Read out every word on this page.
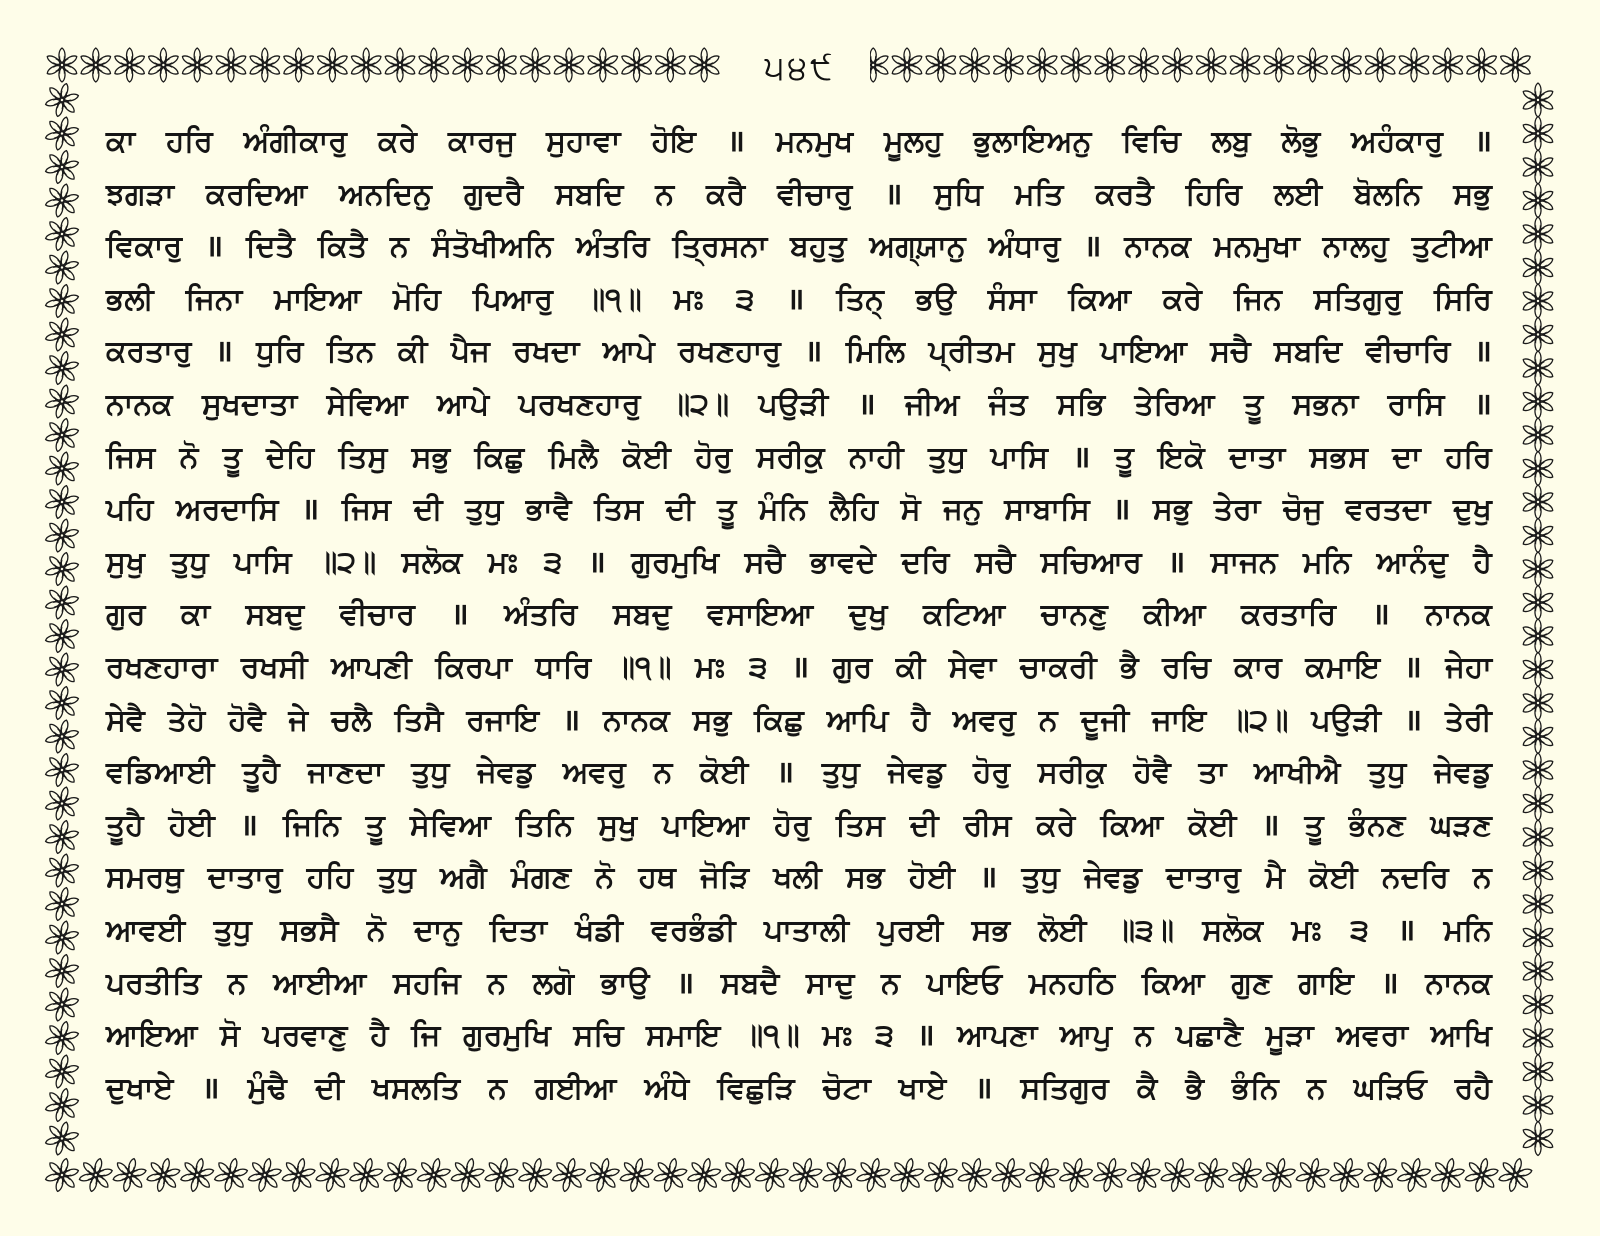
੫੪੯
ਕਾ ਹਰਿ ਅੰਗੀਕਾਰੁ ਕਰੇ ਕਾਰਜੁ ਸੁਹਾਵਾ ਹੋਇ ॥ ਮਨਮੁਖ ਮੂਲਹੁ ਭੁਲਾਇਅਨੁ ਵਿਚਿ ਲਬੁ ਲੋਭੁ ਅਹੰਕਾਰੁ ॥
ਝਗੜਾ ਕਰਦਿਆ ਅਨਦਿਨੁ ਗੁਦਰੈ ਸਬਦਿ ਨ ਕਰੈ ਵੀਚਾਰੁ ॥ ਸੁਧਿ ਮਤਿ ਕਰਤੈ ਹਿਰਿ ਲਈ ਬੋਲਨਿ ਸਭੁ
ਵਿਕਾਰੁ ॥ ਦਿਤੈ ਕਿਤੈ ਨ ਸੰਤੋਖੀਅਨਿ ਅੰਤਰਿ ਤ੍ਰਿਸਨਾ ਬਹੁਤੁ ਅਗ੍ਯ਼ਾਨੁ ਅੰਧਾਰੁ ॥ ਨਾਨਕ ਮਨਮੁਖਾ ਨਾਲਹੁ ਤੁਟੀਆ
ਭਲੀ ਜਿਨਾ ਮਾਇਆ ਮੋਹਿ ਪਿਆਰੁ ॥੧॥ ਮਃ ੩ ॥ ਤਿਨ੍ ਭਉ ਸੰਸਾ ਕਿਆ ਕਰੇ ਜਿਨ ਸਤਿਗੁਰੁ ਸਿਰਿ
ਕਰਤਾਰੁ ॥ ਧੁਰਿ ਤਿਨ ਕੀ ਪੈਜ ਰਖਦਾ ਆਪੇ ਰਖਣਹਾਰੁ ॥ ਮਿਲਿ ਪ੍ਰੀਤਮ ਸੁਖੁ ਪਾਇਆ ਸਚੈ ਸਬਦਿ ਵੀਚਾਰਿ ॥
ਨਾਨਕ ਸੁਖਦਾਤਾ ਸੇਵਿਆ ਆਪੇ ਪਰਖਣਹਾਰੁ ॥੨॥ ਪਉੜੀ ॥ ਜੀਅ ਜੰਤ ਸਭਿ ਤੇਰਿਆ ਤੂ ਸਭਨਾ ਰਾਸਿ ॥
ਜਿਸ ਨੋ ਤੂ ਦੇਹਿ ਤਿਸੁ ਸਭੁ ਕਿਛੁ ਮਿਲੈ ਕੋਈ ਹੋਰੁ ਸਰੀਕੁ ਨਾਹੀ ਤੁਧੁ ਪਾਸਿ ॥ ਤੂ ਇਕੋ ਦਾਤਾ ਸਭਸ ਦਾ ਹਰਿ
ਪਹਿ ਅਰਦਾਸਿ ॥ ਜਿਸ ਦੀ ਤੁਧੁ ਭਾਵੈ ਤਿਸ ਦੀ ਤੂ ਮੰਨਿ ਲੈਹਿ ਸੋ ਜਨੁ ਸਾਬਾਸਿ ॥ ਸਭੁ ਤੇਰਾ ਚੋਜੁ ਵਰਤਦਾ ਦੁਖੁ
ਸੁਖੁ ਤੁਧੁ ਪਾਸਿ ॥੨॥ ਸਲੋਕ ਮਃ ੩ ॥ ਗੁਰਮੁਖਿ ਸਚੈ ਭਾਵਦੇ ਦਰਿ ਸਚੈ ਸਚਿਆਰ ॥ ਸਾਜਨ ਮਨਿ ਆਨੰਦੁ ਹੈ
ਗੁਰ ਕਾ ਸਬਦੁ ਵੀਚਾਰ ॥ ਅੰਤਰਿ ਸਬਦੁ ਵਸਾਇਆ ਦੁਖੁ ਕਟਿਆ ਚਾਨਣੁ ਕੀਆ ਕਰਤਾਰਿ ॥ ਨਾਨਕ
ਰਖਣਹਾਰਾ ਰਖਸੀ ਆਪਣੀ ਕਿਰਪਾ ਧਾਰਿ ॥੧॥ ਮਃ ੩ ॥ ਗੁਰ ਕੀ ਸੇਵਾ ਚਾਕਰੀ ਭੈ ਰਚਿ ਕਾਰ ਕਮਾਇ ॥ ਜੇਹਾ
ਸੇਵੈ ਤੇਹੋ ਹੋਵੈ ਜੇ ਚਲੈ ਤਿਸੈ ਰਜਾਇ ॥ ਨਾਨਕ ਸਭੁ ਕਿਛੁ ਆਪਿ ਹੈ ਅਵਰੁ ਨ ਦੂਜੀ ਜਾਇ ॥੨॥ ਪਉੜੀ ॥ ਤੇਰੀ
ਵਡਿਆਈ ਤੂਹੈ ਜਾਣਦਾ ਤੁਧੁ ਜੇਵਡੁ ਅਵਰੁ ਨ ਕੋਈ ॥ ਤੁਧੁ ਜੇਵਡੁ ਹੋਰੁ ਸਰੀਕੁ ਹੋਵੈ ਤਾ ਆਖੀਐ ਤੁਧੁ ਜੇਵਡੁ
ਤੂਹੈ ਹੋਈ ॥ ਜਿਨਿ ਤੂ ਸੇਵਿਆ ਤਿਨਿ ਸੁਖੁ ਪਾਇਆ ਹੋਰੁ ਤਿਸ ਦੀ ਰੀਸ ਕਰੇ ਕਿਆ ਕੋਈ ॥ ਤੂ ਭੰਨਣ ਘੜਣ
ਸਮਰਥੁ ਦਾਤਾਰੁ ਹਹਿ ਤੁਧੁ ਅਗੈ ਮੰਗਣ ਨੋ ਹਥ ਜੋੜਿ ਖਲੀ ਸਭ ਹੋਈ ॥ ਤੁਧੁ ਜੇਵਡੁ ਦਾਤਾਰੁ ਮੈ ਕੋਈ ਨਦਰਿ ਨ
ਆਵਈ ਤੁਧੁ ਸਭਸੈ ਨੋ ਦਾਨੁ ਦਿਤਾ ਖੰਡੀ ਵਰਭੰਡੀ ਪਾਤਾਲੀ ਪੁਰਈ ਸਭ ਲੋਈ ॥੩॥ ਸਲੋਕ ਮਃ ੩ ॥ ਮਨਿ
ਪਰਤੀਤਿ ਨ ਆਈਆ ਸਹਜਿ ਨ ਲਗੋ ਭਾਉ ॥ ਸਬਦੈ ਸਾਦੁ ਨ ਪਾਇਓ ਮਨਹਠਿ ਕਿਆ ਗੁਣ ਗਾਇ ॥ ਨਾਨਕ
ਆਇਆ ਸੋ ਪਰਵਾਣੁ ਹੈ ਜਿ ਗੁਰਮੁਖਿ ਸਚਿ ਸਮਾਇ ॥੧॥ ਮਃ ੩ ॥ ਆਪਣਾ ਆਪੁ ਨ ਪਛਾਣੈ ਮੂੜਾ ਅਵਰਾ ਆਖਿ
ਦੁਖਾਏ ॥ ਮੁੰਢੈ ਦੀ ਖਸਲਤਿ ਨ ਗਈਆ ਅੰਧੇ ਵਿਛੁੜਿ ਚੋਟਾ ਖਾਏ ॥ ਸਤਿਗੁਰ ਕੈ ਭੈ ਭੰਨਿ ਨ ਘੜਿਓ ਰਹੈ
